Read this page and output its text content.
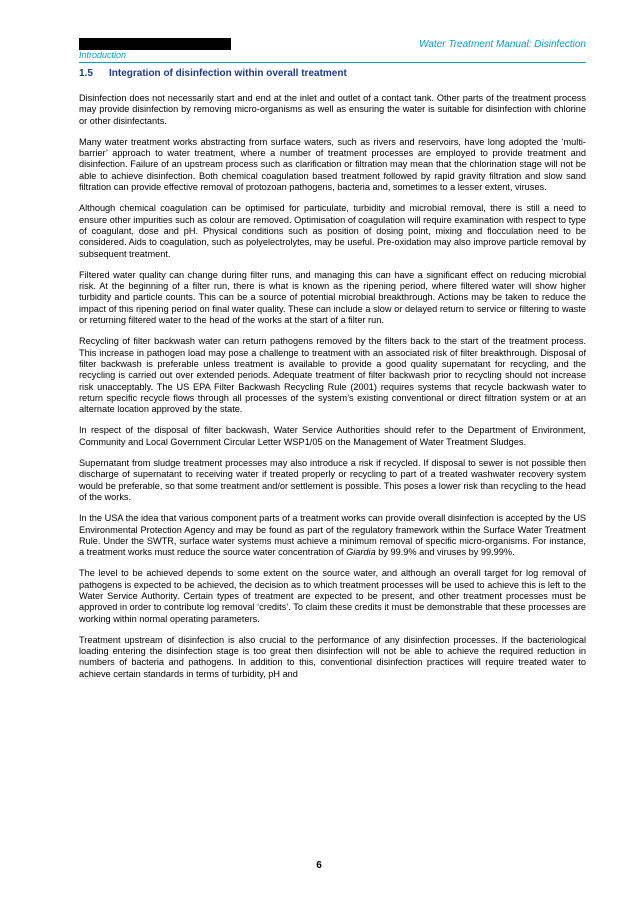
Introduction
Water Treatment Manual: Disinfection
1.5	Integration of disinfection within overall treatment

Disinfection does not necessarily start and end at the inlet and outlet of a contact tank. Other parts of the treatment process may provide disinfection by removing micro-organisms as well as ensuring the water is suitable for disinfection with chlorine or other disinfectants.

Many water treatment works abstracting from surface waters, such as rivers and reservoirs, have long adopted the ‘multi-barrier’ approach to water treatment, where a number of treatment processes are employed to provide treatment and disinfection. Failure of an upstream process such as clarification or filtration may mean that the chlorination stage will not be able to achieve disinfection. Both chemical coagulation based treatment followed by rapid gravity filtration and slow sand filtration can provide effective removal of protozoan pathogens, bacteria and, sometimes to a lesser extent, viruses.

Although chemical coagulation can be optimised for particulate, turbidity and microbial removal, there is still a need to ensure other impurities such as colour are removed. Optimisation of coagulation will require examination with respect to type of coagulant, dose and pH. Physical conditions such as position of dosing point, mixing and flocculation need to be considered. Aids to coagulation, such as polyelectrolytes, may be useful. Pre-oxidation may also improve particle removal by subsequent treatment.

Filtered water quality can change during filter runs, and managing this can have a significant effect on reducing microbial risk. At the beginning of a filter run, there is what is known as the ripening period, where filtered water will show higher turbidity and particle counts. This can be a source of potential microbial breakthrough. Actions may be taken to reduce the impact of this ripening period on final water quality. These can include a slow or delayed return to service or filtering to waste or returning filtered water to the head of the works at the start of a filter run.

Recycling of filter backwash water can return pathogens removed by the filters back to the start of the treatment process. This increase in pathogen load may pose a challenge to treatment with an associated risk of filter breakthrough. Disposal of filter backwash is preferable unless treatment is available to provide a good quality supernatant for recycling, and the recycling is carried out over extended periods. Adequate treatment of filter backwash prior to recycling should not increase risk unacceptably. The US EPA Filter Backwash Recycling Rule (2001) requires systems that recycle backwash water to return specific recycle flows through all processes of the system’s existing conventional or direct filtration system or at an alternate location approved by the state.

In respect of the disposal of filter backwash, Water Service Authorities should refer to the Department of Environment, Community and Local Government Circular Letter WSP1/05 on the Management of Water Treatment Sludges.

Supernatant from sludge treatment processes may also introduce a risk if recycled. If disposal to sewer is not possible then discharge of supernatant to receiving water if treated properly or recycling to part of a treated washwater recovery system would be preferable, so that some treatment and/or settlement is possible. This poses a lower risk than recycling to the head of the works.

In the USA the idea that various component parts of a treatment works can provide overall disinfection is accepted by the US Environmental Protection Agency and may be found as part of the regulatory framework within the Surface Water Treatment Rule. Under the SWTR, surface water systems must achieve a minimum removal of specific micro-organisms. For instance, a treatment works must reduce the source water concentration of Giardia by 99.9% and viruses by 99.99%.

The level to be achieved depends to some extent on the source water, and although an overall target for log removal of pathogens is expected to be achieved, the decision as to which treatment processes will be used to achieve this is left to the Water Service Authority. Certain types of treatment are expected to be present, and other treatment processes must be approved in order to contribute log removal ‘credits’. To claim these credits it must be demonstrable that these processes are working within normal operating parameters.

Treatment upstream of disinfection is also crucial to the performance of any disinfection processes. If the bacteriological loading entering the disinfection stage is too great then disinfection will not be able to achieve the required reduction in numbers of bacteria and pathogens. In addition to this, conventional disinfection practices will require treated water to achieve certain standards in terms of turbidity, pH and

6
